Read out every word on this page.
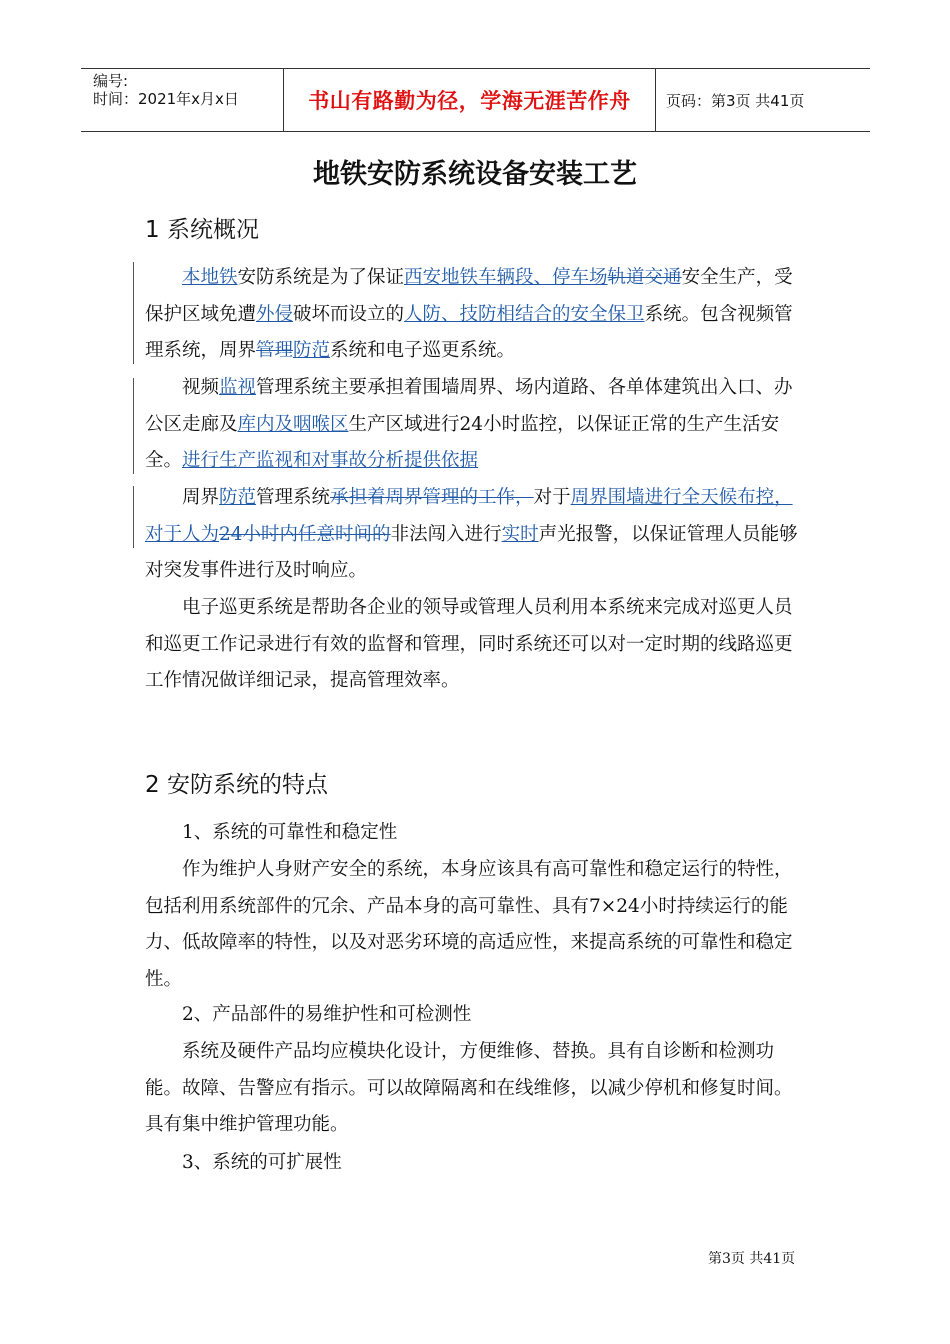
编号:
时间：2021年x月x日	书山有路勤为径，学海无涯苦作舟	页码：第3页 共41页
地铁安防系统设备安装工艺
1 系统概况

本地铁安防系统是为了保证西安地铁车辆段、停车场轨道交通安全生产，受保护区域免遭外侵破坏而设立的人防、技防相结合的安全保卫系统。包含视频管理系统，周界管理防范系统和电子巡更系统。

视频监视管理系统主要承担着围墙周界、场内道路、各单体建筑出入口、办公区走廊及库内及咽喉区生产区域进行24小时监控，以保证正常的生产生活安全。进行生产监视和对事故分析提供依据

周界防范管理系统承担着周界管理的工作，对于周界围墙进行全天候布控，对于人为24小时内任意时间的非法闯入进行实时声光报警，以保证管理人员能够对突发事件进行及时响应。

电子巡更系统是帮助各企业的领导或管理人员利用本系统来完成对巡更人员和巡更工作记录进行有效的监督和管理，同时系统还可以对一定时期的线路巡更工作情况做详细记录，提高管理效率。

2 安防系统的特点
1、系统的可靠性和稳定性

作为维护人身财产安全的系统，本身应该具有高可靠性和稳定运行的特性，包括利用系统部件的冗余、产品本身的高可靠性、具有7×24小时持续运行的能力、低故障率的特性，以及对恶劣环境的高适应性，来提高系统的可靠性和稳定性。

2、产品部件的易维护性和可检测性

系统及硬件产品均应模块化设计，方便维修、替换。具有自诊断和检测功能。故障、告警应有指示。可以故障隔离和在线维修，以减少停机和修复时间。具有集中维护管理功能。

3、系统的可扩展性
第3页 共41页
